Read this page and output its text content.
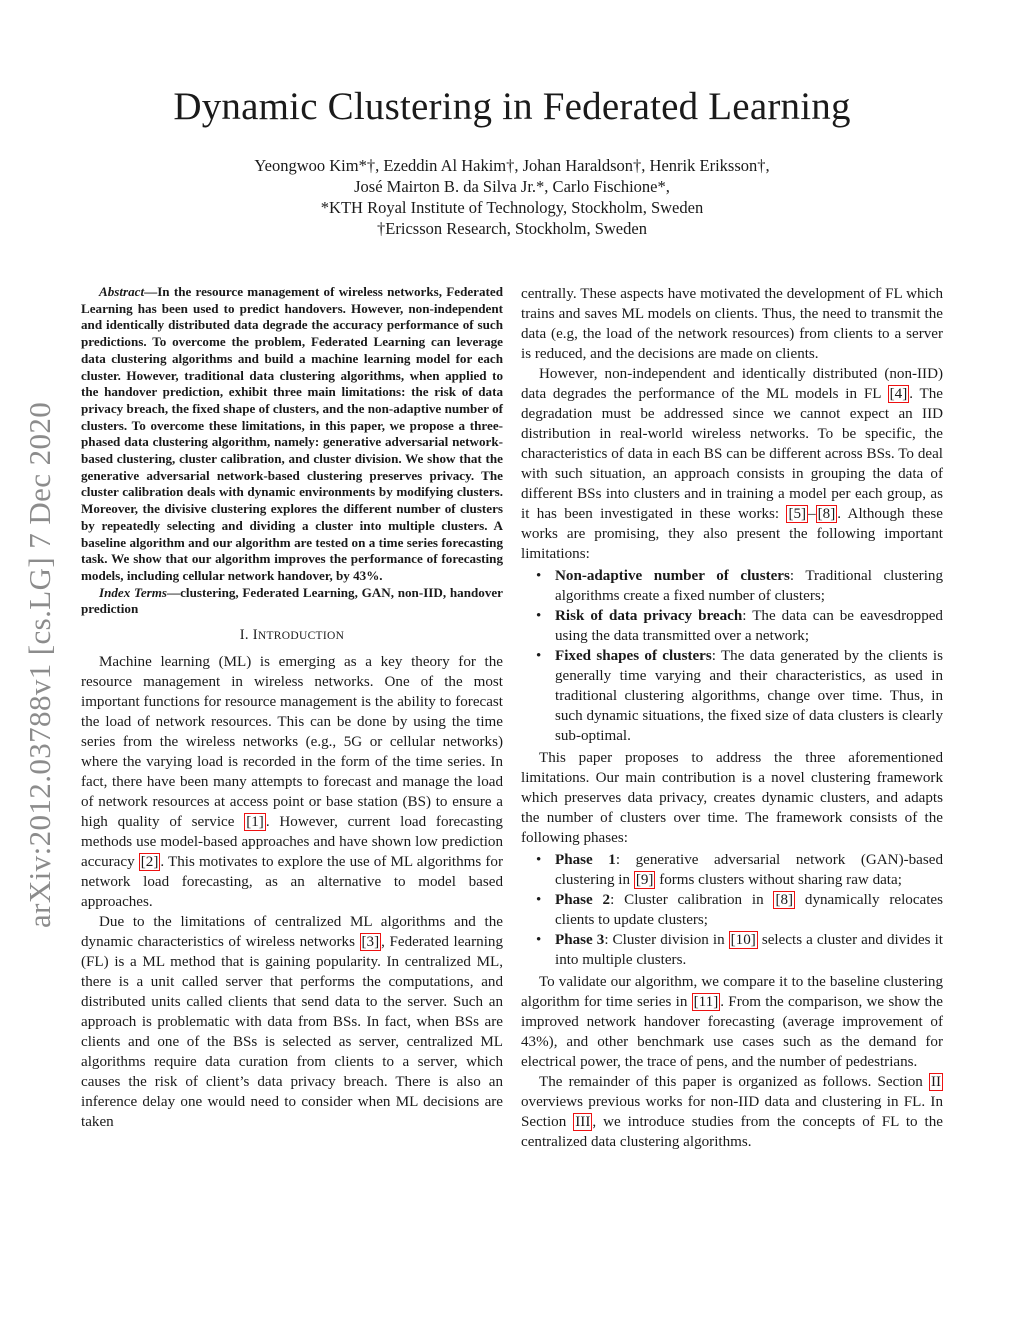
Dynamic Clustering in Federated Learning
Yeongwoo Kim*†, Ezeddin Al Hakim†, Johan Haraldson†, Henrik Eriksson†,
José Mairton B. da Silva Jr.*, Carlo Fischione*,
*KTH Royal Institute of Technology, Stockholm, Sweden
†Ericsson Research, Stockholm, Sweden
arXiv:2012.03788v1 [cs.LG] 7 Dec 2020

Abstract—In the resource management of wireless networks, Federated Learning has been used to predict handovers. However, non-independent and identically distributed data degrade the accuracy performance of such predictions. To overcome the problem, Federated Learning can leverage data clustering algorithms and build a machine learning model for each cluster. However, traditional data clustering algorithms, when applied to the handover prediction, exhibit three main limitations: the risk of data privacy breach, the fixed shape of clusters, and the non-adaptive number of clusters. To overcome these limitations, in this paper, we propose a three-phased data clustering algorithm, namely: generative adversarial network-based clustering, cluster calibration, and cluster division. We show that the generative adversarial network-based clustering preserves privacy. The cluster calibration deals with dynamic environments by modifying clusters. Moreover, the divisive clustering explores the different number of clusters by repeatedly selecting and dividing a cluster into multiple clusters. A baseline algorithm and our algorithm are tested on a time series forecasting task. We show that our algorithm improves the performance of forecasting models, including cellular network handover, by 43%.

Index Terms—clustering, Federated Learning, GAN, non-IID, handover prediction

I. INTRODUCTION

Machine learning (ML) is emerging as a key theory for the resource management in wireless networks. One of the most important functions for resource management is the ability to forecast the load of network resources. This can be done by using the time series from the wireless networks (e.g., 5G or cellular networks) where the varying load is recorded in the form of the time series. In fact, there have been many attempts to forecast and manage the load of network resources at access point or base station (BS) to ensure a high quality of service [1] . However, current load forecasting methods use model-based approaches and have shown low prediction accuracy [2] . This motivates to explore the use of ML algorithms for network load forecasting, as an alternative to model based approaches.

Due to the limitations of centralized ML algorithms and the dynamic characteristics of wireless networks [3] , Federated learning (FL) is a ML method that is gaining popularity. In centralized ML, there is a unit called server that performs the computations, and distributed units called clients that send data to the server. Such an approach is problematic with data from BSs. In fact, when BSs are clients and one of the BSs is selected as server, centralized ML algorithms require data curation from clients to a server, which causes the risk of client’s data privacy breach. There is also an inference delay one would need to consider when ML decisions are taken

centrally. These aspects have motivated the development of FL which trains and saves ML models on clients. Thus, the need to transmit the data (e.g, the load of the network resources) from clients to a server is reduced, and the decisions are made on clients.

However, non-independent and identically distributed (non-IID) data degrades the performance of the ML models in FL [4] . The degradation must be addressed since we cannot expect an IID distribution in real-world wireless networks. To be specific, the characteristics of data in each BS can be different across BSs. To deal with such situation, an approach consists in grouping the data of different BSs into clusters and in training a model per each group, as it has been investigated in these works: [5] – [8] . Although these works are promising, they also present the following important limitations:

• Non-adaptive number of clusters: Traditional clustering algorithms create a fixed number of clusters;
• Risk of data privacy breach: The data can be eavesdropped using the data transmitted over a network;
• Fixed shapes of clusters: The data generated by the clients is generally time varying and their characteristics, as used in traditional clustering algorithms, change over time. Thus, in such dynamic situations, the fixed size of data clusters is clearly sub-optimal.

This paper proposes to address the three aforementioned limitations. Our main contribution is a novel clustering framework which preserves data privacy, creates dynamic clusters, and adapts the number of clusters over time. The framework consists of the following phases:

• Phase 1: generative adversarial network (GAN)-based clustering in [9] forms clusters without sharing raw data;
• Phase 2: Cluster calibration in [8] dynamically relocates clients to update clusters;
• Phase 3: Cluster division in [10] selects a cluster and divides it into multiple clusters.

To validate our algorithm, we compare it to the baseline clustering algorithm for time series in [11] . From the comparison, we show the improved network handover forecasting (average improvement of 43%), and other benchmark use cases such as the demand for electrical power, the trace of pens, and the number of pedestrians.

The remainder of this paper is organized as follows. Section II overviews previous works for non-IID data and clustering in FL. In Section III , we introduce studies from the concepts of FL to the centralized data clustering algorithms.
